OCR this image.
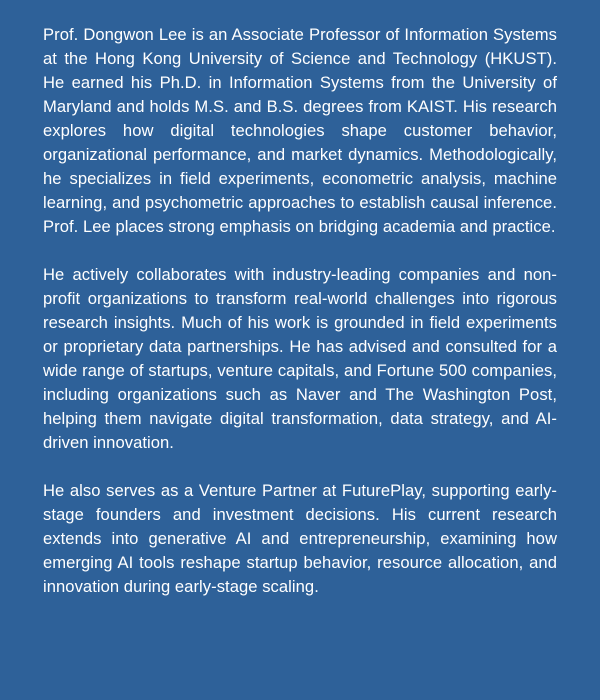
Prof. Dongwon Lee is an Associate Professor of Information Systems at the Hong Kong University of Science and Technology (HKUST). He earned his Ph.D. in Information Systems from the University of Maryland and holds M.S. and B.S. degrees from KAIST. His research explores how digital technologies shape customer behavior, organizational performance, and market dynamics. Methodologically, he specializes in field experiments, econometric analysis, machine learning, and psychometric approaches to establish causal inference. Prof. Lee places strong emphasis on bridging academia and practice.

He actively collaborates with industry-leading companies and non-profit organizations to transform real-world challenges into rigorous research insights. Much of his work is grounded in field experiments or proprietary data partnerships. He has advised and consulted for a wide range of startups, venture capitals, and Fortune 500 companies, including organizations such as Naver and The Washington Post, helping them navigate digital transformation, data strategy, and AI-driven innovation.

He also serves as a Venture Partner at FuturePlay, supporting early-stage founders and investment decisions. His current research extends into generative AI and entrepreneurship, examining how emerging AI tools reshape startup behavior, resource allocation, and innovation during early-stage scaling.
